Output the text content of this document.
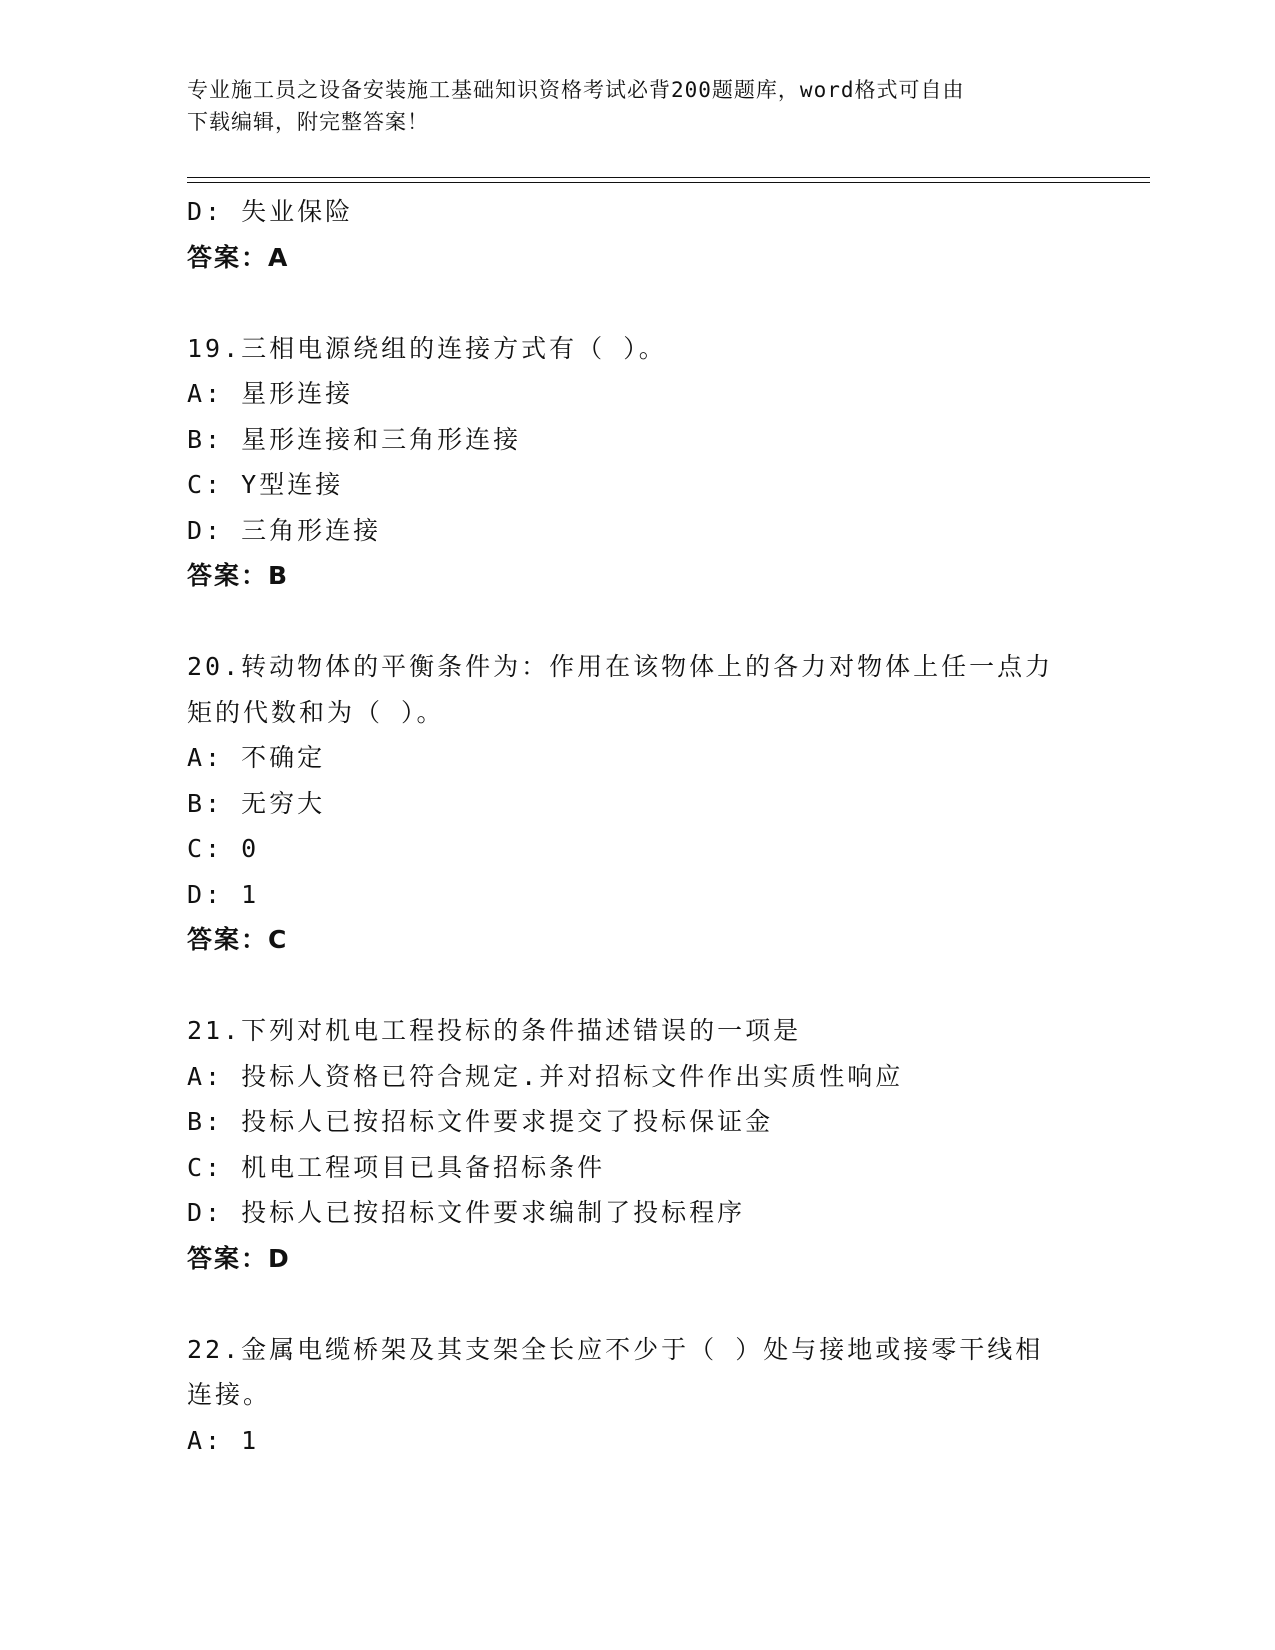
专业施工员之设备安装施工基础知识资格考试必背200题题库，word格式可自由
下载编辑，附完整答案！
D: 失业保险
答案：A
19.三相电源绕组的连接方式有（ ）。
A: 星形连接
B: 星形连接和三角形连接
C: Y型连接
D: 三角形连接
答案：B
20.转动物体的平衡条件为：作用在该物体上的各力对物体上任一点力
矩的代数和为（ ）。
A: 不确定
B: 无穷大
C: 0
D: 1
答案：C
21.下列对机电工程投标的条件描述错误的一项是
A: 投标人资格已符合规定.并对招标文件作出实质性响应
B: 投标人已按招标文件要求提交了投标保证金
C: 机电工程项目已具备招标条件
D: 投标人已按招标文件要求编制了投标程序
答案：D
22.金属电缆桥架及其支架全长应不少于（ ）处与接地或接零干线相
连接。
A: 1
